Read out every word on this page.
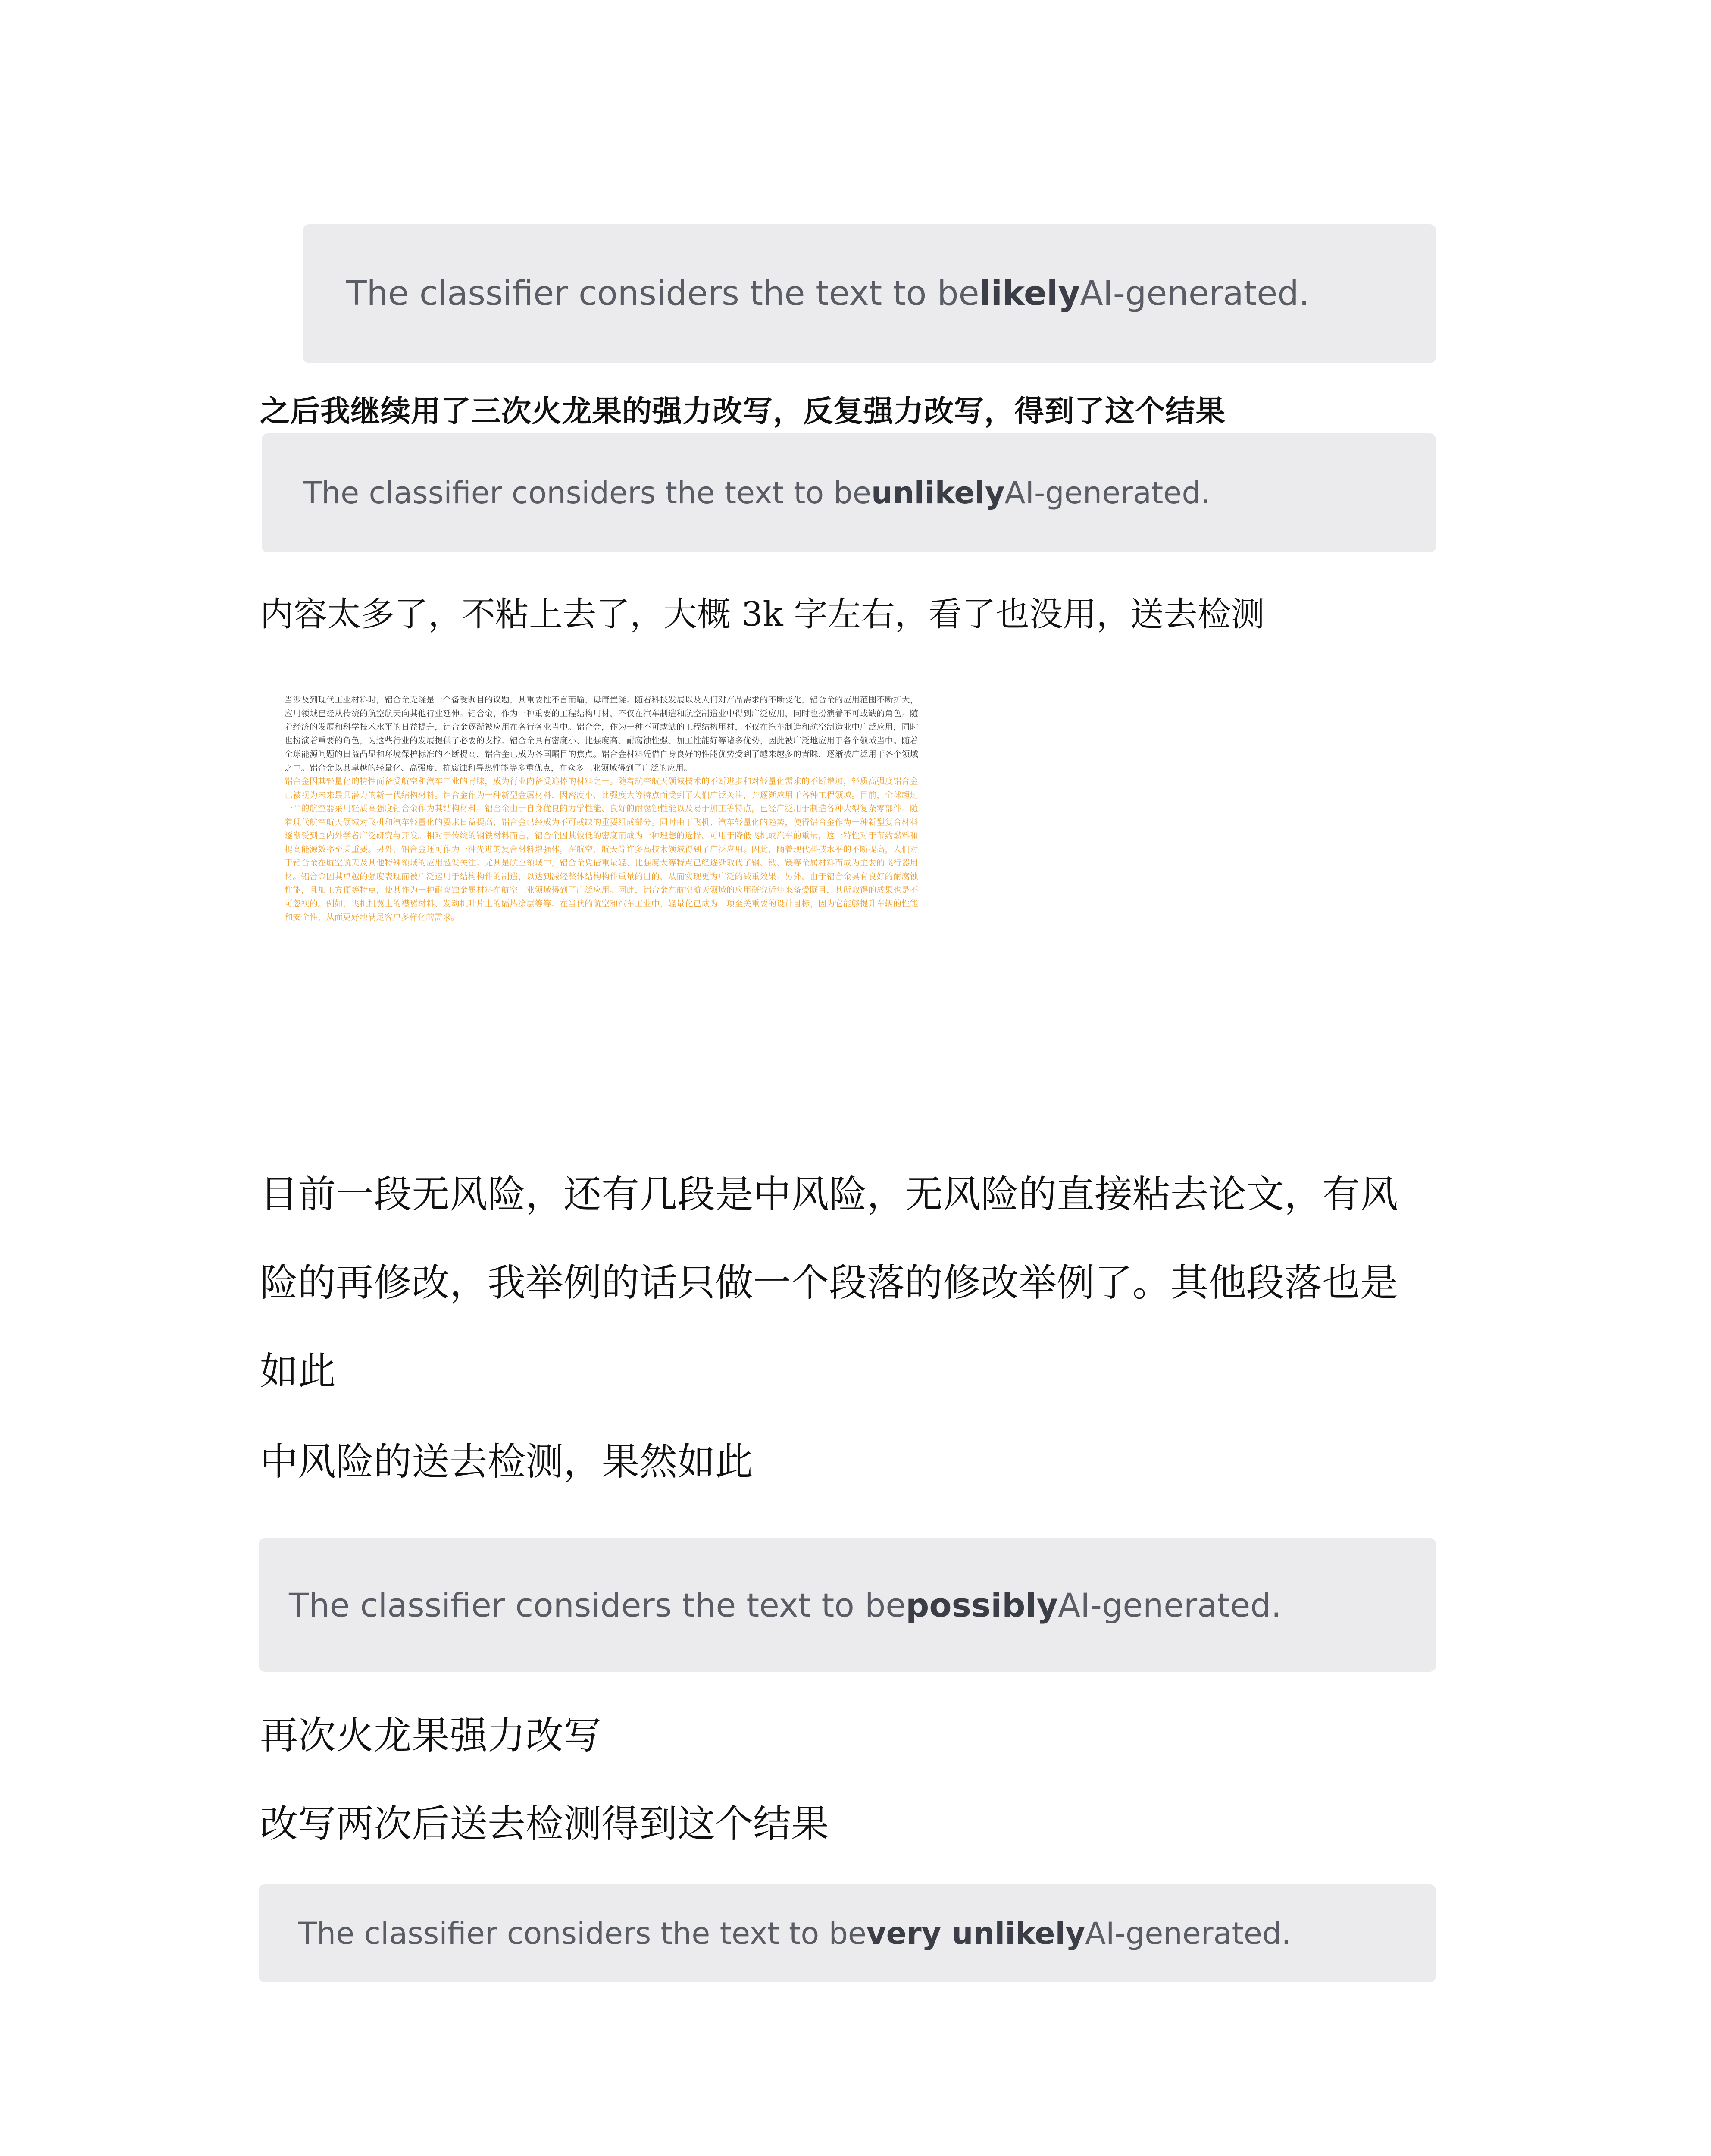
The classifier considers the text to be likely AI-generated.
之后我继续用了三次火龙果的强力改写，反复强力改写，得到了这个结果
The classifier considers the text to be unlikely AI-generated.
内容太多了，不粘上去了，大概 3k 字左右，看了也没用，送去检测

当涉及到现代工业材料时，铝合金无疑是一个备受瞩目的议题，其重要性不言而喻，毋庸置疑。随着科技发展以及人们对产品需求的不断变化，铝合金的应用范围不断扩大，应用领域已经从传统的航空航天向其他行业延伸。铝合金，作为一种重要的工程结构用材，不仅在汽车制造和航空制造业中得到广泛应用，同时也扮演着不可或缺的角色。随着经济的发展和科学技术水平的日益提升，铝合金逐渐被应用在各行各业当中。铝合金，作为一种不可或缺的工程结构用材，不仅在汽车制造和航空制造业中广泛应用，同时也扮演着重要的角色，为这些行业的发展提供了必要的支撑。铝合金具有密度小、比强度高、耐腐蚀性强、加工性能好等诸多优势，因此被广泛地应用于各个领域当中。随着全球能源问题的日益凸显和环境保护标准的不断提高，铝合金已成为各国瞩目的焦点。铝合金材料凭借自身良好的性能优势受到了越来越多的青睐，逐渐被广泛用于各个领域之中。铝合金以其卓越的轻量化、高强度、抗腐蚀和导热性能等多重优点，在众多工业领域得到了广泛的应用。

铝合金因其轻量化的特性而备受航空和汽车工业的青睐，成为行业内备受追捧的材料之一。随着航空航天领域技术的不断进步和对轻量化需求的不断增加，轻质高强度铝合金已被视为未来最具潜力的新一代结构材料。铝合金作为一种新型金属材料，因密度小、比强度大等特点而受到了人们广泛关注，并逐渐应用于各种工程领域。目前，全球超过一半的航空器采用轻质高强度铝合金作为其结构材料。铝合金由于自身优良的力学性能、良好的耐腐蚀性能以及易于加工等特点，已经广泛用于制造各种大型复杂零部件。随着现代航空航天领域对飞机和汽车轻量化的要求日益提高，铝合金已经成为不可或缺的重要组成部分。同时由于飞机、汽车轻量化的趋势，使得铝合金作为一种新型复合材料逐渐受到国内外学者广泛研究与开发。相对于传统的钢铁材料而言，铝合金因其较低的密度而成为一种理想的选择，可用于降低飞机或汽车的重量，这一特性对于节约燃料和提高能源效率至关重要。另外，铝合金还可作为一种先进的复合材料增强体，在航空、航天等许多高技术领域得到了广泛应用。因此，随着现代科技水平的不断提高，人们对于铝合金在航空航天及其他特殊领域的应用越发关注。尤其是航空领域中，铝合金凭借重量轻、比强度大等特点已经逐渐取代了钢、钛、镁等金属材料而成为主要的飞行器用材。铝合金因其卓越的强度表现而被广泛运用于结构构件的制造，以达到减轻整体结构构件重量的目的，从而实现更为广泛的减重效果。另外，由于铝合金具有良好的耐腐蚀性能，且加工方便等特点，使其作为一种耐腐蚀金属材料在航空工业领域得到了广泛应用。因此，铝合金在航空航天领域的应用研究近年来备受瞩目，其所取得的成果也是不可忽视的。例如，飞机机翼上的襟翼材料、发动机叶片上的隔热涂层等等。在当代的航空和汽车工业中，轻量化已成为一项至关重要的设计目标，因为它能够提升车辆的性能和安全性，从而更好地满足客户多样化的需求。

目前一段无风险，还有几段是中风险，无风险的直接粘去论文，有风
险的再修改，我举例的话只做一个段落的修改举例了。其他段落也是
如此
中风险的送去检测，果然如此
The classifier considers the text to be possibly AI-generated.
再次火龙果强力改写
改写两次后送去检测得到这个结果
The classifier considers the text to be very unlikely AI-generated.
